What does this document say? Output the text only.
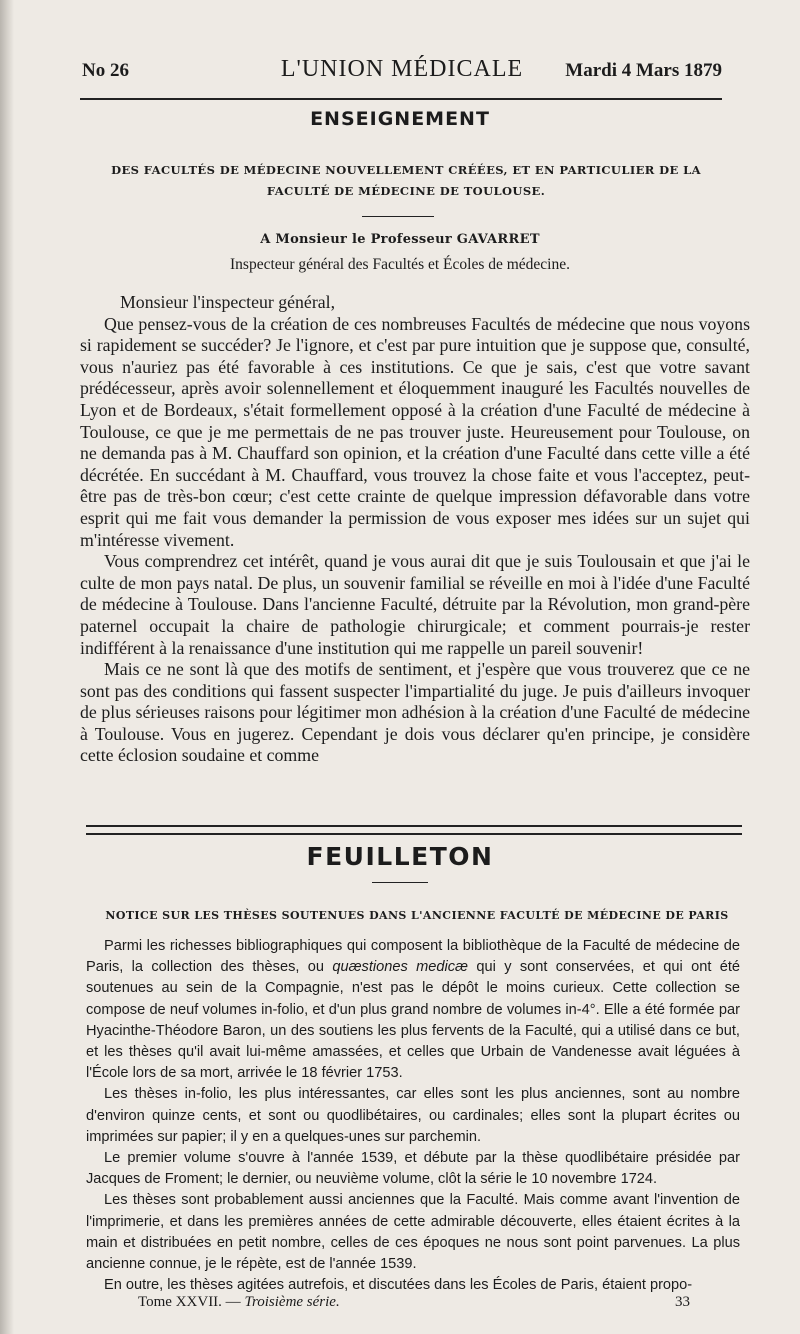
No 26	L'UNION MÉDICALE	Mardi 4 Mars 1879
ENSEIGNEMENT
DES FACULTÉS DE MÉDECINE NOUVELLEMENT CRÉÉES, ET EN PARTICULIER DE LA FACULTÉ DE MÉDECINE DE TOULOUSE.
A Monsieur le Professeur GAVARRET
Inspecteur général des Facultés et Écoles de médecine.

Monsieur l'inspecteur général,

Que pensez-vous de la création de ces nombreuses Facultés de médecine que nous voyons si rapidement se succéder? Je l'ignore, et c'est par pure intuition que je suppose que, consulté, vous n'auriez pas été favorable à ces institutions. Ce que je sais, c'est que votre savant prédécesseur, après avoir solennellement et éloquemment inauguré les Facultés nouvelles de Lyon et de Bordeaux, s'était formellement opposé à la création d'une Faculté de médecine à Toulouse, ce que je me permettais de ne pas trouver juste. Heureusement pour Toulouse, on ne demanda pas à M. Chauffard son opinion, et la création d'une Faculté dans cette ville a été décrétée. En succédant à M. Chauffard, vous trouvez la chose faite et vous l'acceptez, peut-être pas de très-bon cœur; c'est cette crainte de quelque impression défavorable dans votre esprit qui me fait vous demander la permission de vous exposer mes idées sur un sujet qui m'intéresse vivement.

Vous comprendrez cet intérêt, quand je vous aurai dit que je suis Toulousain et que j'ai le culte de mon pays natal. De plus, un souvenir familial se réveille en moi à l'idée d'une Faculté de médecine à Toulouse. Dans l'ancienne Faculté, détruite par la Révolution, mon grand-père paternel occupait la chaire de pathologie chirurgicale; et comment pourrais-je rester indifférent à la renaissance d'une institution qui me rappelle un pareil souvenir!

Mais ce ne sont là que des motifs de sentiment, et j'espère que vous trouverez que ce ne sont pas des conditions qui fassent suspecter l'impartialité du juge. Je puis d'ailleurs invoquer de plus sérieuses raisons pour légitimer mon adhésion à la création d'une Faculté de médecine à Toulouse. Vous en jugerez. Cependant je dois vous déclarer qu'en principe, je considère cette éclosion soudaine et comme

FEUILLETON
NOTICE SUR LES THÈSES SOUTENUES DANS L'ANCIENNE FACULTÉ DE MÉDECINE DE PARIS

Parmi les richesses bibliographiques qui composent la bibliothèque de la Faculté de médecine de Paris, la collection des thèses, ou quæstiones medicæ qui y sont conservées, et qui ont été soutenues au sein de la Compagnie, n'est pas le dépôt le moins curieux. Cette collection se compose de neuf volumes in-folio, et d'un plus grand nombre de volumes in-4°. Elle a été formée par Hyacinthe-Théodore Baron, un des soutiens les plus fervents de la Faculté, qui a utilisé dans ce but, et les thèses qu'il avait lui-même amassées, et celles que Urbain de Vandenesse avait léguées à l'École lors de sa mort, arrivée le 18 février 1753.

Les thèses in-folio, les plus intéressantes, car elles sont les plus anciennes, sont au nombre d'environ quinze cents, et sont ou quodlibétaires, ou cardinales; elles sont la plupart écrites ou imprimées sur papier; il y en a quelques-unes sur parchemin.

Le premier volume s'ouvre à l'année 1539, et débute par la thèse quodlibétaire présidée par Jacques de Froment; le dernier, ou neuvième volume, clôt la série le 10 novembre 1724.

Les thèses sont probablement aussi anciennes que la Faculté. Mais comme avant l'invention de l'imprimerie, et dans les premières années de cette admirable découverte, elles étaient écrites à la main et distribuées en petit nombre, celles de ces époques ne nous sont point parvenues. La plus ancienne connue, je le répète, est de l'année 1539.

En outre, les thèses agitées autrefois, et discutées dans les Écoles de Paris, étaient propo-

Tome XXVII. — Troisième série.	33
